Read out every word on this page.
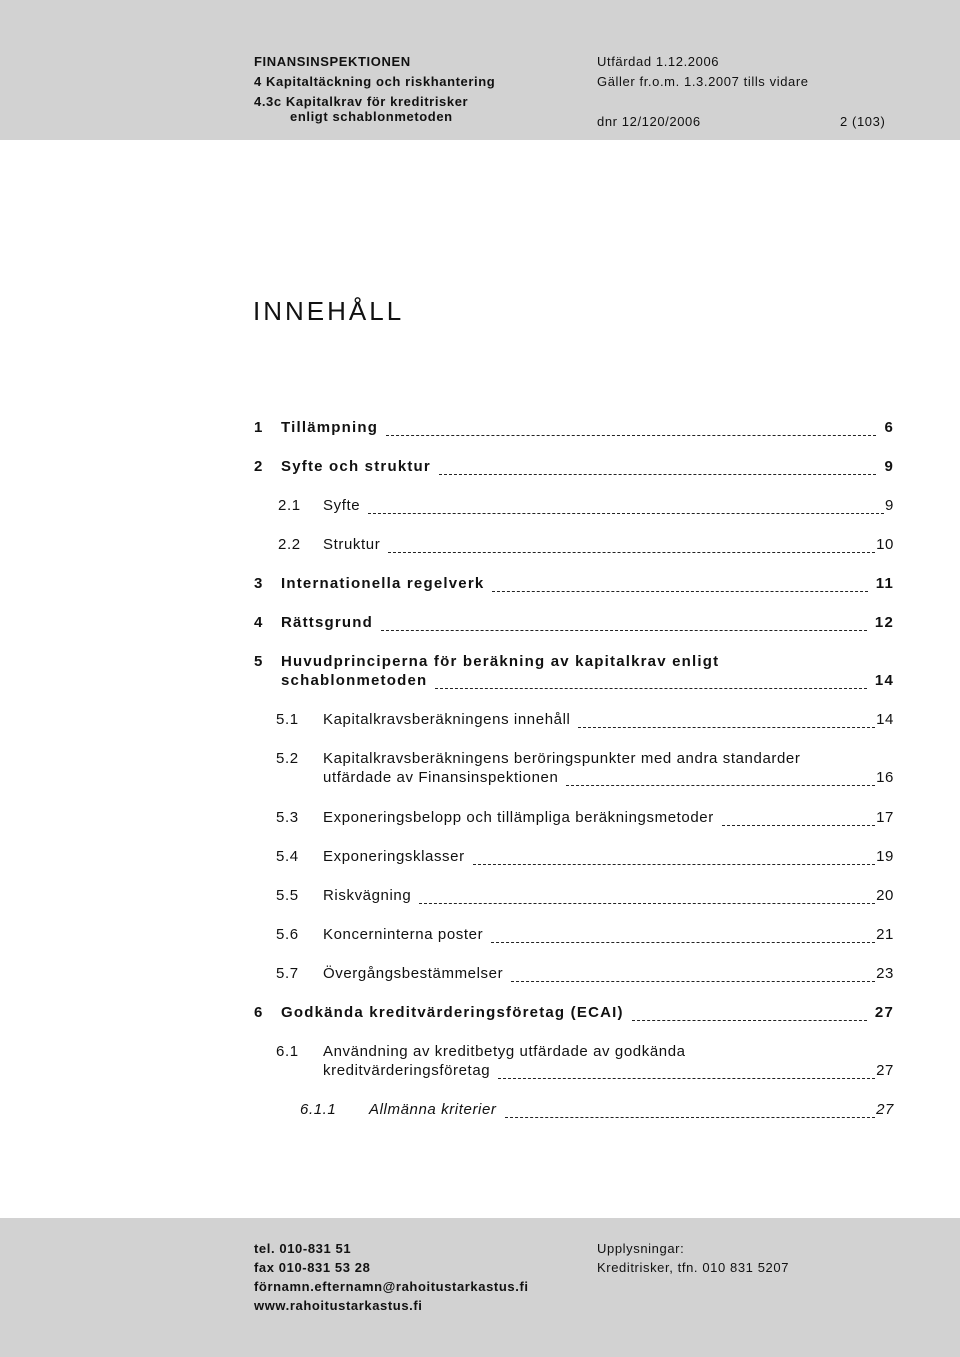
FINANSINSPEKTIONEN
4 Kapitaltäckning och riskhantering
4.3c Kapitalkrav för kreditrisker
enligt schablonmetoden
Utfärdad 1.12.2006
Gäller fr.o.m. 1.3.2007 tills vidare
dnr 12/120/2006	2 (103)
INNEHÅLL
1 Tillämpning	6
2 Syfte och struktur	9
2.1 Syfte	9
2.2 Struktur	10
3 Internationella regelverk	11
4 Rättsgrund	12
5 Huvudprinciperna för beräkning av kapitalkrav enligt
schablonmetoden	14
5.1 Kapitalkravsberäkningens innehåll	14
5.2 Kapitalkravsberäkningens beröringspunkter med andra standarder
utfärdade av Finansinspektionen	16
5.3 Exponeringsbelopp och tillämpliga beräkningsmetoder	17
5.4 Exponeringsklasser	19
5.5 Riskvägning	20
5.6 Koncerninterna poster	21
5.7 Övergångsbestämmelser	23
6 Godkända kreditvärderingsföretag (ECAI)	27
6.1 Användning av kreditbetyg utfärdade av godkända
kreditvärderingsföretag	27
6.1.1 Allmänna kriterier	27
tel. 010-831 51
fax 010-831 53 28
förnamn.efternamn@rahoitustarkastus.fi
www.rahoitustarkastus.fi
Upplysningar:
Kreditrisker, tfn. 010 831 5207
